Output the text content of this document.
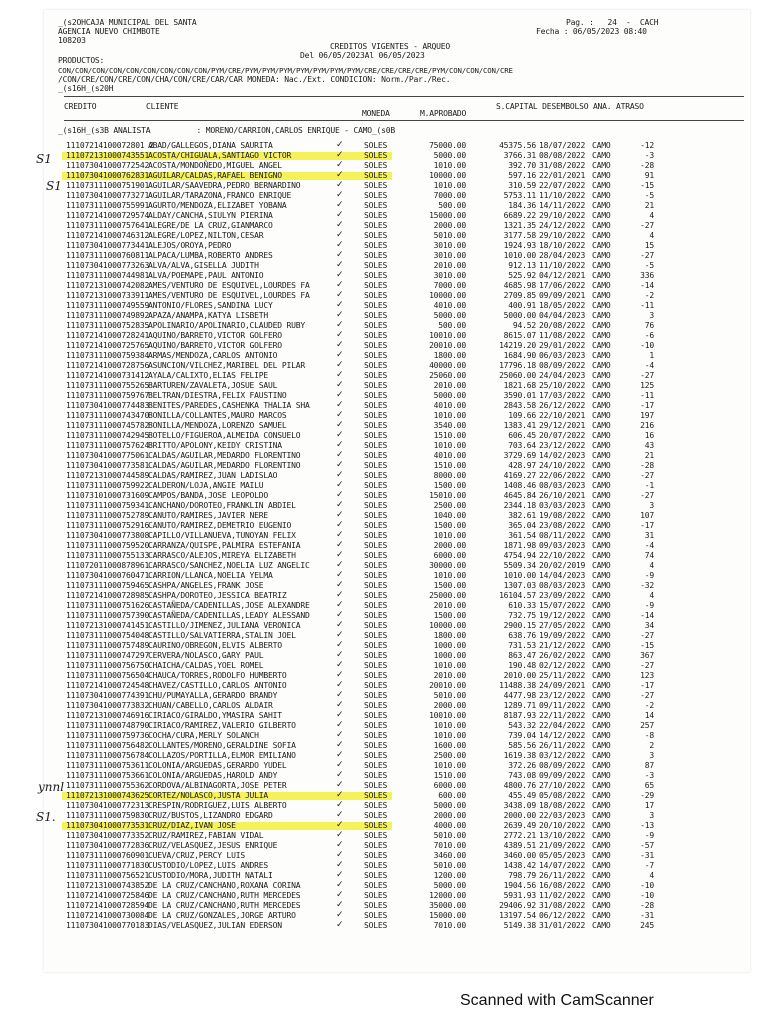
_(s2OHCAJA MUNICIPAL DEL SANTA
AGENCIA NUEVO CHIMBOTE
108203
Pag. :   24  -  CACH
Fecha : 06/05/2023 08:40
CREDITOS VIGENTES - ARQUEO
Del 06/05/2023Al 06/05/2023
PRODUCTOS:
CON/CON/CON/CON/CON/CON/CON/CON/CON/PYM/CRE/PYM/PYM/PYM/PYM/PYM/PYM/PYM/CRE/CRE/CRE/CRE/PYM/CON/CON/CON/CRE
/CON/CRE/CON/CRE/CON/CHA/CON/CRE/CAR/CAR MONEDA: Nac./Ext. CONDICION: Norm./Par./Rec.
_(s16H_(s20H
CREDITO	CLIENTE
MONEDA	M.APROBADO
S.CAPITAL DESEMBOLSO ANA. ATRASO
_(s16H_(s3B ANALISTA          : MORENO/CARRION,CARLOS ENRIQUE - CAMO_(s0B
✓
11107214100072801 2
ABAD/GALLEGOS,DIANA SAURITA	SOLES	75000.00	45375.56 18/07/2022 CAMO	-12
✓
111072131000743551
ACOSTA/CHIGUALA,SANTIAGO VICTOR	SOLES	5000.00	3766.31 08/08/2022 CAMO	-3
✓
111073041000772542
ACOSTA/MONDOÑEDO,MIGUEL ANGEL	SOLES	1010.00	392.70 31/08/2022 CAMO	-28
✓
111073041000762831
AGUILAR/CALDAS,RAFAEL BENIGNO	SOLES	10000.00	597.16 22/01/2021 CAMO	91
✓
111073111000751901
AGUILAR/SAAVEDRA,PEDRO BERNARDINO	SOLES	1010.00	310.59 22/07/2022 CAMO	-15
✓
111073041000773271
AGUILAR/TARAZONA,FRANCO ENRIQUE	SOLES	7000.00	5753.11 11/10/2022 CAMO	-5
✓
111073111000755991
AGURTO/MENDOZA,ELIZABET YOBANA	SOLES	500.00	184.36 14/11/2022 CAMO	21
✓
111072141000729574
ALDAY/CANCHA,SIULYN PIERINA	SOLES	15000.00	6689.22 29/10/2022 CAMO	4
✓
111073111000757641
ALEGRE/DE LA CRUZ,GIANMARCO	SOLES	2000.00	1321.35 24/12/2022 CAMO	-27
✓
111072141000746312
ALEGRE/LOPEZ,NILTON,CESAR	SOLES	5010.00	3177.58 29/10/2022 CAMO	4
✓
111073041000773441
ALEJOS/OROYA,PEDRO	SOLES	3010.00	1924.93 18/10/2022 CAMO	15
✓
111073111000760811
ALPACA/LUMBA,ROBERTO ANDRES	SOLES	3010.00	1010.00 28/04/2023 CAMO	-27
✓
111073041000773263
ALVA/ALVA,GISELLA JUDITH	SOLES	2010.00	912.13 11/10/2022 CAMO	-5
✓
111073111000744981
ALVA/POEMAPE,PAUL ANTONIO	SOLES	3010.00	525.92 04/12/2021 CAMO	336
✓
111072131000742082
AMES/VENTURO DE ESQUIVEL,LOURDES FA	SOLES	7000.00	4685.98 17/06/2022 CAMO	-14
✓
111072131000733911
AMES/VENTURO DE ESQUIVEL,LOURDES FA	SOLES	10000.00	2709.85 09/09/2021 CAMO	-2
✓
111073111000749559
ANTONIO/FLORES,SANDINA LUCY	SOLES	4010.00	400.91 18/05/2022 CAMO	-11
✓
111073111000749892
APAZA/ANAMPA,KATYA LISBETH	SOLES	5000.00	5000.00 04/04/2023 CAMO	3
✓
111073111000752835
APOLINARIO/APOLINARIO,CLAUDED RUBY	SOLES	500.00	94.52 20/08/2022 CAMO	76
✓
111072141000728241
AQUINO/BARRETO,VICTOR GOLFERO	SOLES	10010.00	8615.07 11/08/2022 CAMO	-6
✓
111072141000725765
AQUINO/BARRETO,VICTOR GOLFERO	SOLES	20010.00	14219.20 29/01/2022 CAMO	-10
✓
111073111000759384
ARMAS/MENDOZA,CARLOS ANTONIO	SOLES	1800.00	1684.90 06/03/2023 CAMO	1
✓
111072141000728756
ASUNCION/VILCHEZ,MARIBEL DEL PILAR	SOLES	40000.00	17796.18 08/09/2022 CAMO	-4
✓
111072141000731412
AYALA/CALIXTO,ELIAS FELIPE	SOLES	25060.00	25060.00 24/04/2023 CAMO	-27
✓
111073111000755265
BARTUREN/ZAVALETA,JOSUE SAUL	SOLES	2010.00	1821.68 25/10/2022 CAMO	125
✓
111073111000759767
BELTRAN/DIESTRA,FELIX FAUSTINO	SOLES	5000.00	3590.01 17/03/2022 CAMO	-11
✓
111073041000774483
BENITES/PAREDES,CASHENKA THALIA SHA	SOLES	4010.00	2843.58 26/12/2022 CAMO	-17
✓
111073111000743470
BONILLA/COLLANTES,MAURO MARCOS	SOLES	1010.00	109.66 22/10/2021 CAMO	197
✓
111073111000745782
BONILLA/MENDOZA,LORENZO SAMUEL	SOLES	3540.00	1383.41 29/12/2021 CAMO	216
✓
111073111000742945
BOTELLO/FIGUEROA,ALMEIDA CONSUELO	SOLES	1510.00	606.45 20/07/2022 CAMO	16
✓
111073111000757624
BRITTO/APOLONY,KEIDY CRISTINA	SOLES	1010.00	703.64 23/12/2022 CAMO	43
✓
111073041000775061
CALDAS/AGUILAR,MEDARDO FLORENTINO	SOLES	4010.00	3729.69 14/02/2023 CAMO	21
✓
111073041000773581
CALDAS/AGUILAR,MEDARDO FLORENTINO	SOLES	1510.00	428.97 24/10/2022 CAMO	-28
✓
111072131000744589
CALDAS/RAMIREZ,JUAN LADISLAO	SOLES	8000.00	4169.27 22/06/2022 CAMO	-27
✓
111073111000759922
CALDERON/LOJA,ANGIE MAILU	SOLES	1500.00	1408.46 08/03/2023 CAMO	-1
✓
111073101000731609
CAMPOS/BANDA,JOSE LEOPOLDO	SOLES	15010.00	4645.84 26/10/2021 CAMO	-27
✓
111073111000759341
CANCHANO/DOROTEO,FRANKLIN ABDIEL	SOLES	2500.00	2344.18 03/03/2023 CAMO	3
✓
111073111000752789
CANUTO/RAMIRES,JAVIER NERE	SOLES	1040.00	382.61 19/08/2022 CAMO	107
✓
111073111000752916
CANUTO/RAMIREZ,DEMETRIO EUGENIO	SOLES	1500.00	365.04 23/08/2022 CAMO	-17
✓
111073041000773808
CAPILLO/VILLANUEVA,TUNOYAN FELIX	SOLES	1010.00	361.54 08/11/2022 CAMO	31
✓
111073111000759520
CARRANZA/QUISPE,PALMIRA ESTEFANIA	SOLES	2000.00	1871.98 09/03/2023 CAMO	-4
✓
111073111000755133
CARRASCO/ALEJOS,MIREYA ELIZABETH	SOLES	6000.00	4754.94 22/10/2022 CAMO	74
✓
111072011000878961
CARRASCO/SANCHEZ,NOELIA LUZ ANGELIC	SOLES	30000.00	5509.34 20/02/2019 CAMO	4
✓
111073041000760471
CARRION/LLANCA,NOELIA YELMA	SOLES	1010.00	1010.00 14/04/2023 CAMO	-9
✓
111073111000759465
CASHPA/ANGELES,FRANK JOSE	SOLES	1500.00	1307.03 08/03/2023 CAMO	-32
✓
111072141000728985
CASHPA/DOROTEO,JESSICA BEATRIZ	SOLES	25000.00	16104.57 23/09/2022 CAMO	4
✓
111073111000751626
CASTAÑEDA/CADENILLAS,JOSE ALEXANDRE	SOLES	2010.00	610.33 15/07/2022 CAMO	-9
✓
111073111000757390
CASTAÑEDA/CADENILLAS,LEADY ALESSAND	SOLES	1500.00	732.75 19/12/2022 CAMO	-14
✓
111072131000741451
CASTILLO/JIMENEZ,JULIANA VERONICA	SOLES	10000.00	2900.15 27/05/2022 CAMO	34
✓
111073111000754048
CASTILLO/SALVATIERRA,STALIN JOEL	SOLES	1800.00	638.76 19/09/2022 CAMO	-27
✓
111073111000757489
CAURINO/OBREGON,ELVIS ALBERTO	SOLES	1000.00	731.53 21/12/2022 CAMO	-15
✓
111073111000747297
CERVERA/NOLASCO,GARY PAUL	SOLES	1000.00	863.47 26/02/2022 CAMO	367
✓
111073111000756750
CHAICHA/CALDAS,YOEL ROMEL	SOLES	1010.00	190.48 02/12/2022 CAMO	-27
✓
111073111000756504
CHAUCA/TORRES,RODOLFO HUMBERTO	SOLES	2010.00	2010.00 25/11/2022 CAMO	123
✓
111072141000724548
CHAVEZ/CASTILLO,CARLOS ANTONIO	SOLES	20010.00	11488.38 24/09/2021 CAMO	-17
✓
111073041000774391
CHU/PUMAYALLA,GERARDO BRANDY	SOLES	5010.00	4477.98 23/12/2022 CAMO	-27
✓
111073041000773832
CHUAN/CABELLO,CARLOS ALDAIR	SOLES	2000.00	1289.71 09/11/2022 CAMO	-2
✓
111072131000746916
CIRIACO/GIRALDO,YMASIRA SAHIT	SOLES	10010.00	8187.93 22/11/2022 CAMO	14
✓
111073111000748790
CIRIACO/RAMIREZ,VALERIO GILBERTO	SOLES	1010.00	543.32 22/04/2022 CAMO	257
✓
111073111000759736
COCHA/CURA,MERLY SOLANCH	SOLES	1010.00	739.04 14/12/2022 CAMO	-8
✓
111073111000756482
COLLANTES/MORENO,GERALDINE SOFIA	SOLES	1600.00	585.56 26/11/2022 CAMO	2
✓
111073111000756784
COLLAZOS/PORTILLA,ELMOR EMILIANO	SOLES	2500.00	1619.38 03/12/2022 CAMO	3
✓
111073111000753611
COLONIA/ARGUEDAS,GERARDO YUDEL	SOLES	1010.00	372.26 08/09/2022 CAMO	87
✓
111073111000753661
COLONIA/ARGUEDAS,HAROLD ANDY	SOLES	1510.00	743.08 09/09/2022 CAMO	-3
✓
111073111000755362
CORDOVA/ALBINAGORTA,JOSE PETER	SOLES	6000.00	4800.76 27/10/2022 CAMO	65
✓
111072131000743625
CORTEZ/NOLASCO,JUSTA JULIA	SOLES	600.00	455.49 05/08/2022 CAMO	-29
✓
111073041000772313
CRESPIN/RODRIGUEZ,LUIS ALBERTO	SOLES	5000.00	3438.09 18/08/2022 CAMO	17
✓
111073111000759830
CRUZ/BUSTOS,LIZANDRO EDGARD	SOLES	2000.00	2000.00 22/03/2023 CAMO	3
✓
111073041000773531
CRUZ/DIAZ,IVAN JOSE	SOLES	4000.00	2639.49 20/10/2022 CAMO	-13
✓
111073041000773352
CRUZ/RAMIREZ,FABIAN VIDAL	SOLES	5010.00	2772.21 13/10/2022 CAMO	-9
✓
111073041000772836
CRUZ/VELASQUEZ,JESUS ENRIQUE	SOLES	7010.00	4389.51 21/09/2022 CAMO	-57
✓
111073111000760901
CUEVA/CRUZ,PERCY LUIS	SOLES	3460.00	3460.00 05/05/2023 CAMO	-31
✓
111073111000771830
CUSTODIO/LOPEZ,LUIS ANDRES	SOLES	5010.00	1438.42 14/07/2022 CAMO	-7
✓
111073111000756521
CUSTODIO/MORA,JUDITH NATALI	SOLES	1200.00	798.79 26/11/2022 CAMO	4
✓
111072131000743852
DE LA CRUZ/CANCHANO,ROXANA CORINA	SOLES	5000.00	1904.56 16/08/2022 CAMO	-10
✓
111072141000725846
DE LA CRUZ/CANCHANO,RUTH MERCEDES	SOLES	12000.00	5931.93 11/02/2022 CAMO	-10
✓
111072141000728594
DE LA CRUZ/CANCHANO,RUTH MERCEDES	SOLES	35000.00	29406.92 31/08/2022 CAMO	-28
✓
111072141000730084
DE LA CRUZ/GONZALES,JORGE ARTURO	SOLES	15000.00	13197.54 06/12/2022 CAMO	-31
✓
111073041000770183
DIAS/VELASQUEZ,JULIAN EDERSON	SOLES	7010.00	5149.38 31/01/2022 CAMO	245
S1
S1
ynnl
S1.
Scanned with CamScanner
